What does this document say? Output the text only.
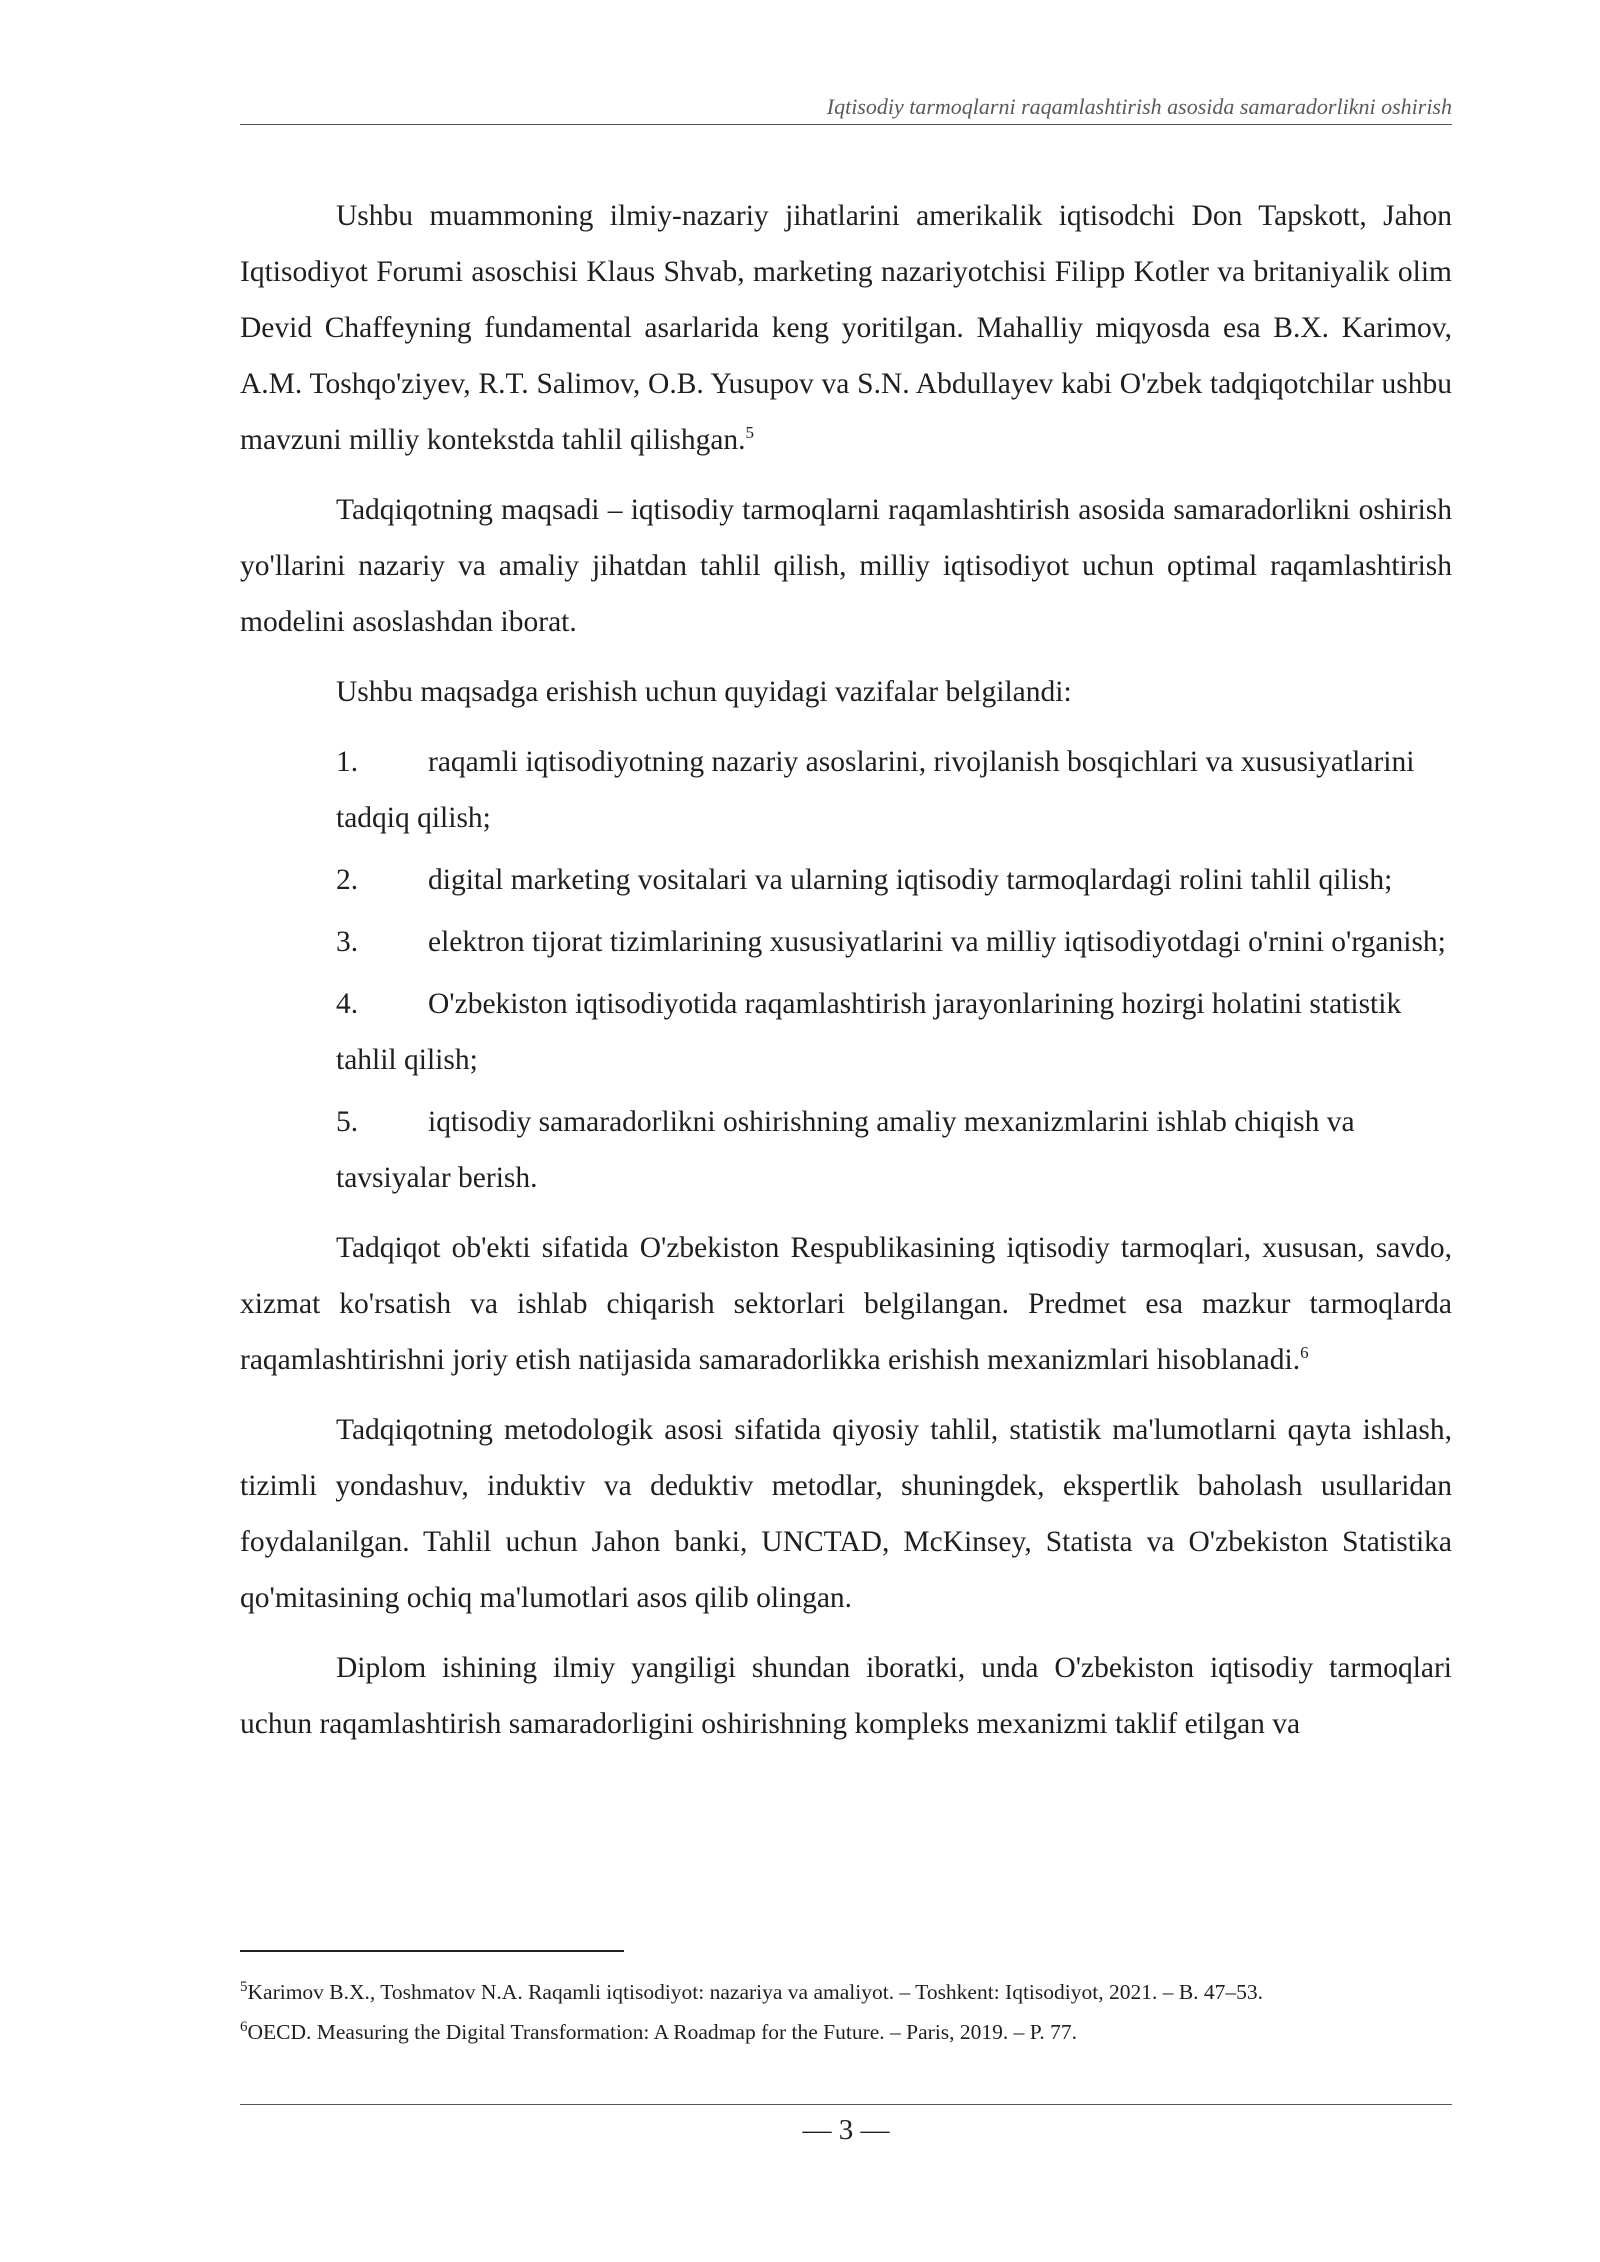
Iqtisodiy tarmoqlarni raqamlashtirish asosida samaradorlikni oshirish

Ushbu muammoning ilmiy-nazariy jihatlarini amerikalik iqtisodchi Don Tapskott, Jahon Iqtisodiyot Forumi asoschisi Klaus Shvab, marketing nazariyotchisi Filipp Kotler va britaniyalik olim Devid Chaffeyning fundamental asarlarida keng yoritilgan. Mahalliy miqyosda esa B.X. Karimov, A.M. Toshqo'ziyev, R.T. Salimov, O.B. Yusupov va S.N. Abdullayev kabi O'zbek tadqiqotchilar ushbu mavzuni milliy kontekstda tahlil qilishgan.$^5$

Tadqiqotning maqsadi – iqtisodiy tarmoqlarni raqamlashtirish asosida samaradorlikni oshirish yo'llarini nazariy va amaliy jihatdan tahlil qilish, milliy iqtisodiyot uchun optimal raqamlashtirish modelini asoslashdan iborat.

Ushbu maqsadga erishish uchun quyidagi vazifalar belgilandi:

1. raqamli iqtisodiyotning nazariy asoslarini, rivojlanish bosqichlari va xususiyatlarini tadqiq qilish;
2. digital marketing vositalari va ularning iqtisodiy tarmoqlardagi rolini tahlil qilish;
3. elektron tijorat tizimlarining xususiyatlarini va milliy iqtisodiyotdagi o'rnini o'rganish;
4. O'zbekiston iqtisodiyotida raqamlashtirish jarayonlarining hozirgi holatini statistik tahlil qilish;
5. iqtisodiy samaradorlikni oshirishning amaliy mexanizmlarini ishlab chiqish va tavsiyalar berish.

Tadqiqot ob'ekti sifatida O'zbekiston Respublikasining iqtisodiy tarmoqlari, xususan, savdo, xizmat ko'rsatish va ishlab chiqarish sektorlari belgilangan. Predmet esa mazkur tarmoqlarda raqamlashtirishni joriy etish natijasida samaradorlikka erishish mexanizmlari hisoblanadi.$^6$

Tadqiqotning metodologik asosi sifatida qiyosiy tahlil, statistik ma'lumotlarni qayta ishlash, tizimli yondashuv, induktiv va deduktiv metodlar, shuningdek, ekspertlik baholash usullaridan foydalanilgan. Tahlil uchun Jahon banki, UNCTAD, McKinsey, Statista va O'zbekiston Statistika qo'mitasining ochiq ma'lumotlari asos qilib olingan.

Diplom ishining ilmiy yangiligi shundan iboratki, unda O'zbekiston iqtisodiy tarmoqlari uchun raqamlashtirish samaradorligini oshirishning kompleks mexanizmi taklif etilgan va

$^5$Karimov B.X., Toshmatov N.A. Raqamli iqtisodiyot: nazariya va amaliyot. – Toshkent: Iqtisodiyot, 2021. – B. 47–53.

$^6$OECD. Measuring the Digital Transformation: A Roadmap for the Future. – Paris, 2019. – P. 77.

— 3 —
